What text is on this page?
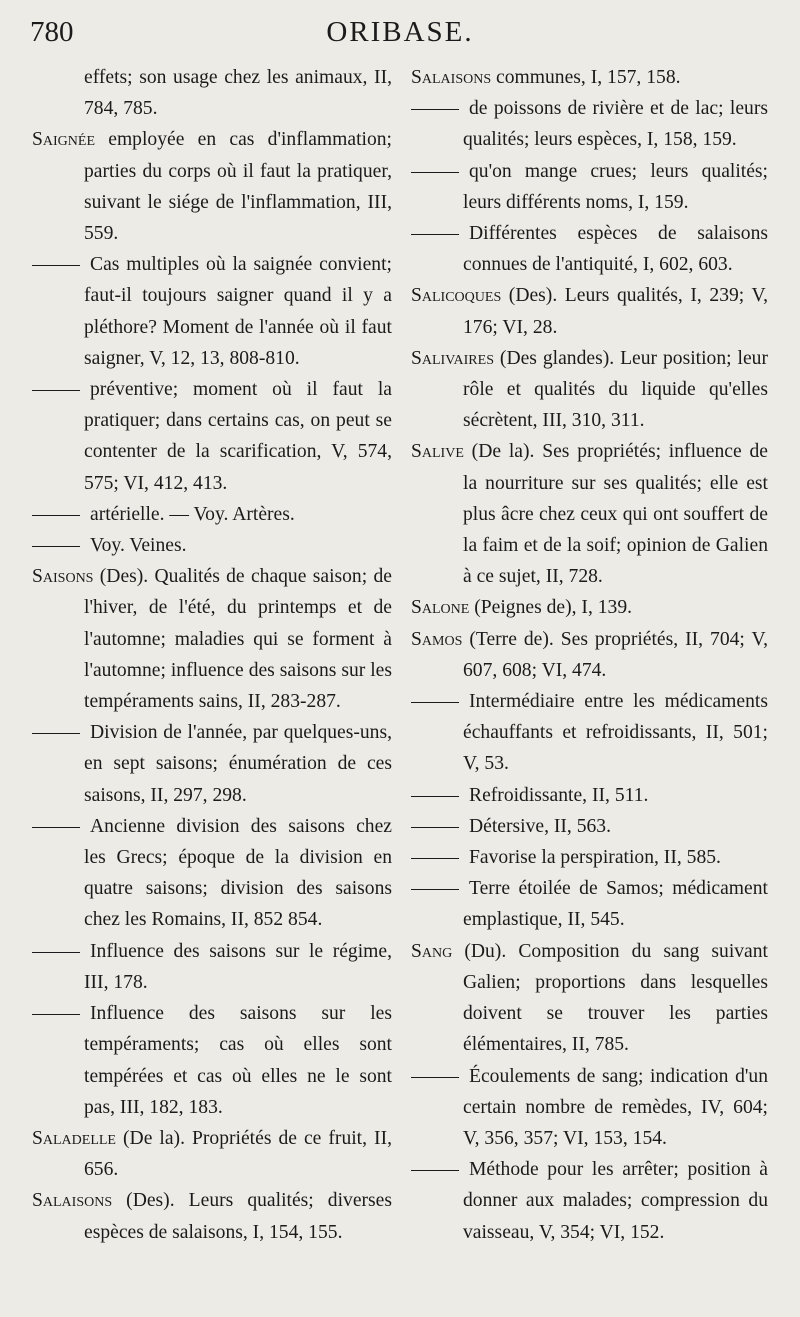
780	ORIBASE.

effets; son usage chez les animaux, II, 784, 785.

Saignée employée en cas d'inflammation; parties du corps où il faut la pratiquer, suivant le siége de l'inflammation, III, 559.

Cas multiples où la saignée convient; faut-il toujours saigner quand il y a pléthore? Moment de l'année où il faut saigner, V, 12, 13, 808-810.

préventive; moment où il faut la pratiquer; dans certains cas, on peut se contenter de la scarification, V, 574, 575; VI, 412, 413.

artérielle. — Voy. Artères.

Voy. Veines.

Saisons (Des). Qualités de chaque saison; de l'hiver, de l'été, du printemps et de l'automne; maladies qui se forment à l'automne; influence des saisons sur les tempéraments sains, II, 283-287.

Division de l'année, par quelques-uns, en sept saisons; énumération de ces saisons, II, 297, 298.

Ancienne division des saisons chez les Grecs; époque de la division en quatre saisons; division des saisons chez les Romains, II, 852 854.

Influence des saisons sur le régime, III, 178.

Influence des saisons sur les tempéraments; cas où elles sont tempérées et cas où elles ne le sont pas, III, 182, 183.

Saladelle (De la). Propriétés de ce fruit, II, 656.

Salaisons (Des). Leurs qualités; diverses espèces de salaisons, I, 154, 155.

Salaisons communes, I, 157, 158.

de poissons de rivière et de lac; leurs qualités; leurs espèces, I, 158, 159.

qu'on mange crues; leurs qualités; leurs différents noms, I, 159.

Différentes espèces de salaisons connues de l'antiquité, I, 602, 603.

Salicoques (Des). Leurs qualités, I, 239; V, 176; VI, 28.

Salivaires (Des glandes). Leur position; leur rôle et qualités du liquide qu'elles sécrètent, III, 310, 311.

Salive (De la). Ses propriétés; influence de la nourriture sur ses qualités; elle est plus âcre chez ceux qui ont souffert de la faim et de la soif; opinion de Galien à ce sujet, II, 728.

Salone (Peignes de), I, 139.

Samos (Terre de). Ses propriétés, II, 704; V, 607, 608; VI, 474.

Intermédiaire entre les médicaments échauffants et refroidissants, II, 501; V, 53.

Refroidissante, II, 511.

Détersive, II, 563.

Favorise la perspiration, II, 585.

Terre étoilée de Samos; médicament emplastique, II, 545.

Sang (Du). Composition du sang suivant Galien; proportions dans lesquelles doivent se trouver les parties élémentaires, II, 785.

Écoulements de sang; indication d'un certain nombre de remèdes, IV, 604; V, 356, 357; VI, 153, 154.

Méthode pour les arrêter; position à donner aux malades; compression du vaisseau, V, 354; VI, 152.
